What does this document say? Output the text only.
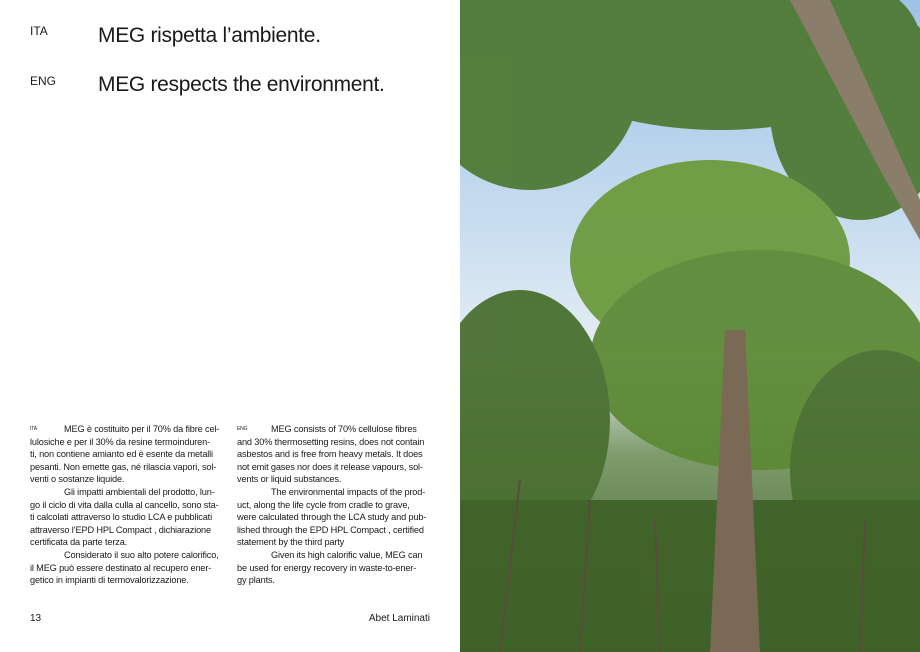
ITA MEG rispetta l’ambiente.
ENG MEG respects the environment.
ITA	MEG è costituito per il 70% da fibre cel-
lulosiche e per il 30% da resine termoinduren-
ti, non contiene amianto ed è esente da metalli
pesanti. Non emette gas, né rilascia vapori, sol-
venti o sostanze liquide.
Gli impatti ambientali del prodotto, lun-
go il ciclo di vita dalla culla al cancello, sono sta-
ti calcolati attraverso lo studio LCA e pubblicati
attraverso l’EPD HPL Compact , dichiarazione
certificata da parte terza.
Considerato il suo alto potere calorifico,
il MEG può essere destinato al recupero ener-
getico in impianti di termovalorizzazione.
ENG	MEG consists of 70% cellulose fibres
and 30% thermosetting resins, does not contain
asbestos and is free from heavy metals. It does
not emit gases nor does it release vapours, sol-
vents or liquid substances.
The environmental impacts of the prod-
uct, along the life cycle from cradle to grave,
were calculated through the LCA study and pub-
lished through the EPD HPL Compact , certified
statement by the third party
Given its high calorific value, MEG can
be used for energy recovery in waste-to-ener-
gy plants.
13	Abet Laminati
